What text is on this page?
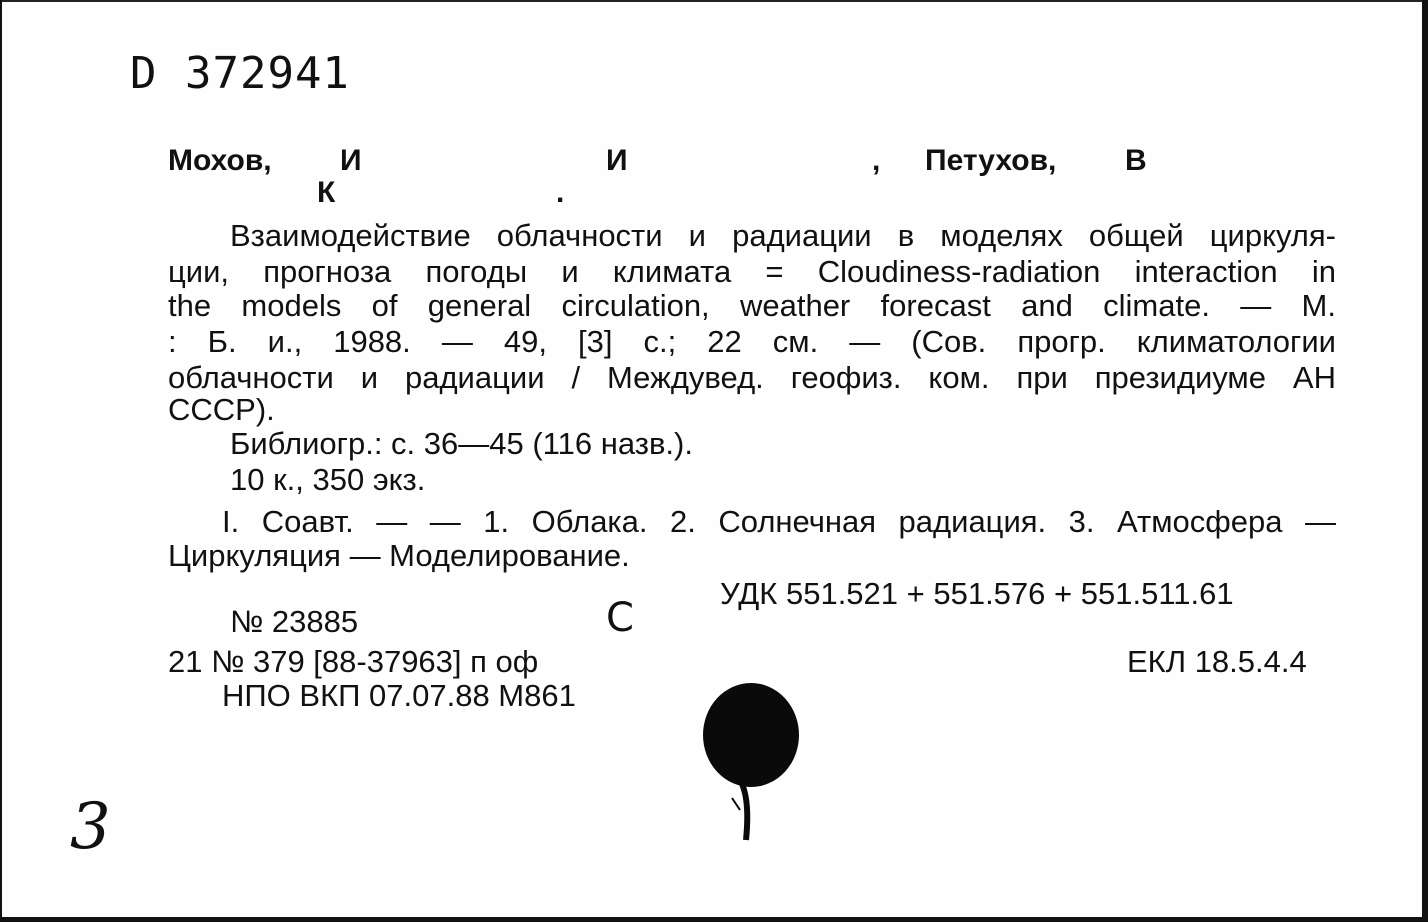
D 372941
Мохов, И	И	, Петухов, В
К	.
Взаимодействие облачности и радиации в моделях общей циркуля-
ции, прогноза погоды и климата = Cloudiness-radiation interaction in
the models of general circulation, weather forecast and climate. — М.
: Б. и., 1988. — 49, [3] с.; 22 см. — (Сов. прогр. климатологии
облачности и радиации / Междувед. геофиз. ком. при президиуме АН
СССР).
Библиогр.: с. 36—45 (116 назв.).
10 к., 350 экз.
I. Соавт. — — 1. Облака. 2. Солнечная радиация. 3. Атмосфера —
Циркуляция — Моделирование.
УДК 551.521 + 551.576 + 551.511.61
№ 23885	С
21 № 379 [88-37963] п оф	ЕКЛ 18.5.4.4
НПО ВКП 07.07.88 М861
3
